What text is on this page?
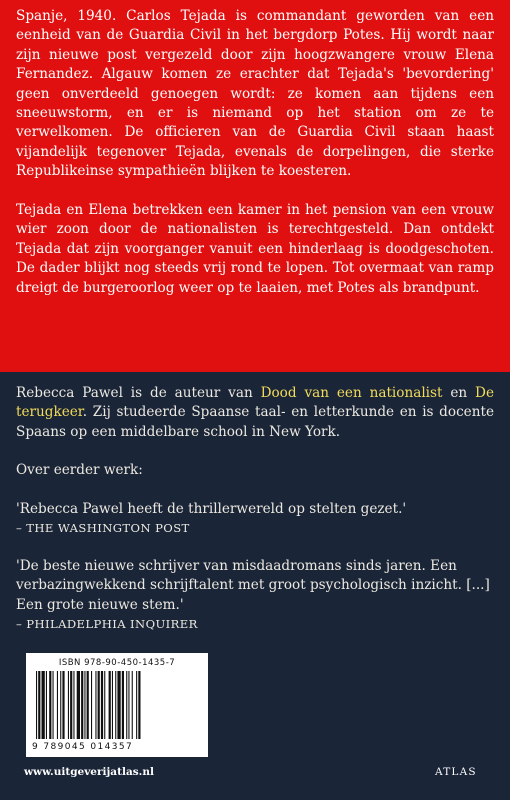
Spanje, 1940. Carlos Tejada is commandant geworden van een eenheid van de Guardia Civil in het bergdorp Potes. Hij wordt naar zijn nieuwe post vergezeld door zijn hoogzwangere vrouw Elena Fernandez. Algauw komen ze erachter dat Tejada's 'bevordering' geen onverdeeld genoegen wordt: ze komen aan tijdens een sneeuwstorm, en er is niemand op het station om ze te verwelkomen. De officieren van de Guardia Civil staan haast vijandelijk tegenover Tejada, evenals de dorpelingen, die sterke Republikeinse sympathieën blijken te koesteren.

Tejada en Elena betrekken een kamer in het pension van een vrouw wier zoon door de nationalisten is terechtgesteld. Dan ontdekt Tejada dat zijn voorganger vanuit een hinderlaag is doodgeschoten. De dader blijkt nog steeds vrij rond te lopen. Tot overmaat van ramp dreigt de burgeroorlog weer op te laaien, met Potes als brandpunt.

Rebecca Pawel is de auteur van Dood van een nationalist en De terugkeer. Zij studeerde Spaanse taal- en letterkunde en is docente Spaans op een middelbare school in New York.

Over eerder werk:

'Rebecca Pawel heeft de thrillerwereld op stelten gezet.'

– THE WASHINGTON POST

'De beste nieuwe schrijver van misdaadromans sinds jaren. Een verbazingwekkend schrijftalent met groot psychologisch inzicht. [...] Een grote nieuwe stem.'

– PHILADELPHIA INQUIRER

ISBN 978-90-450-1435-7
9 789045 014357
www.uitgeverijatlas.nl	ATLAS
